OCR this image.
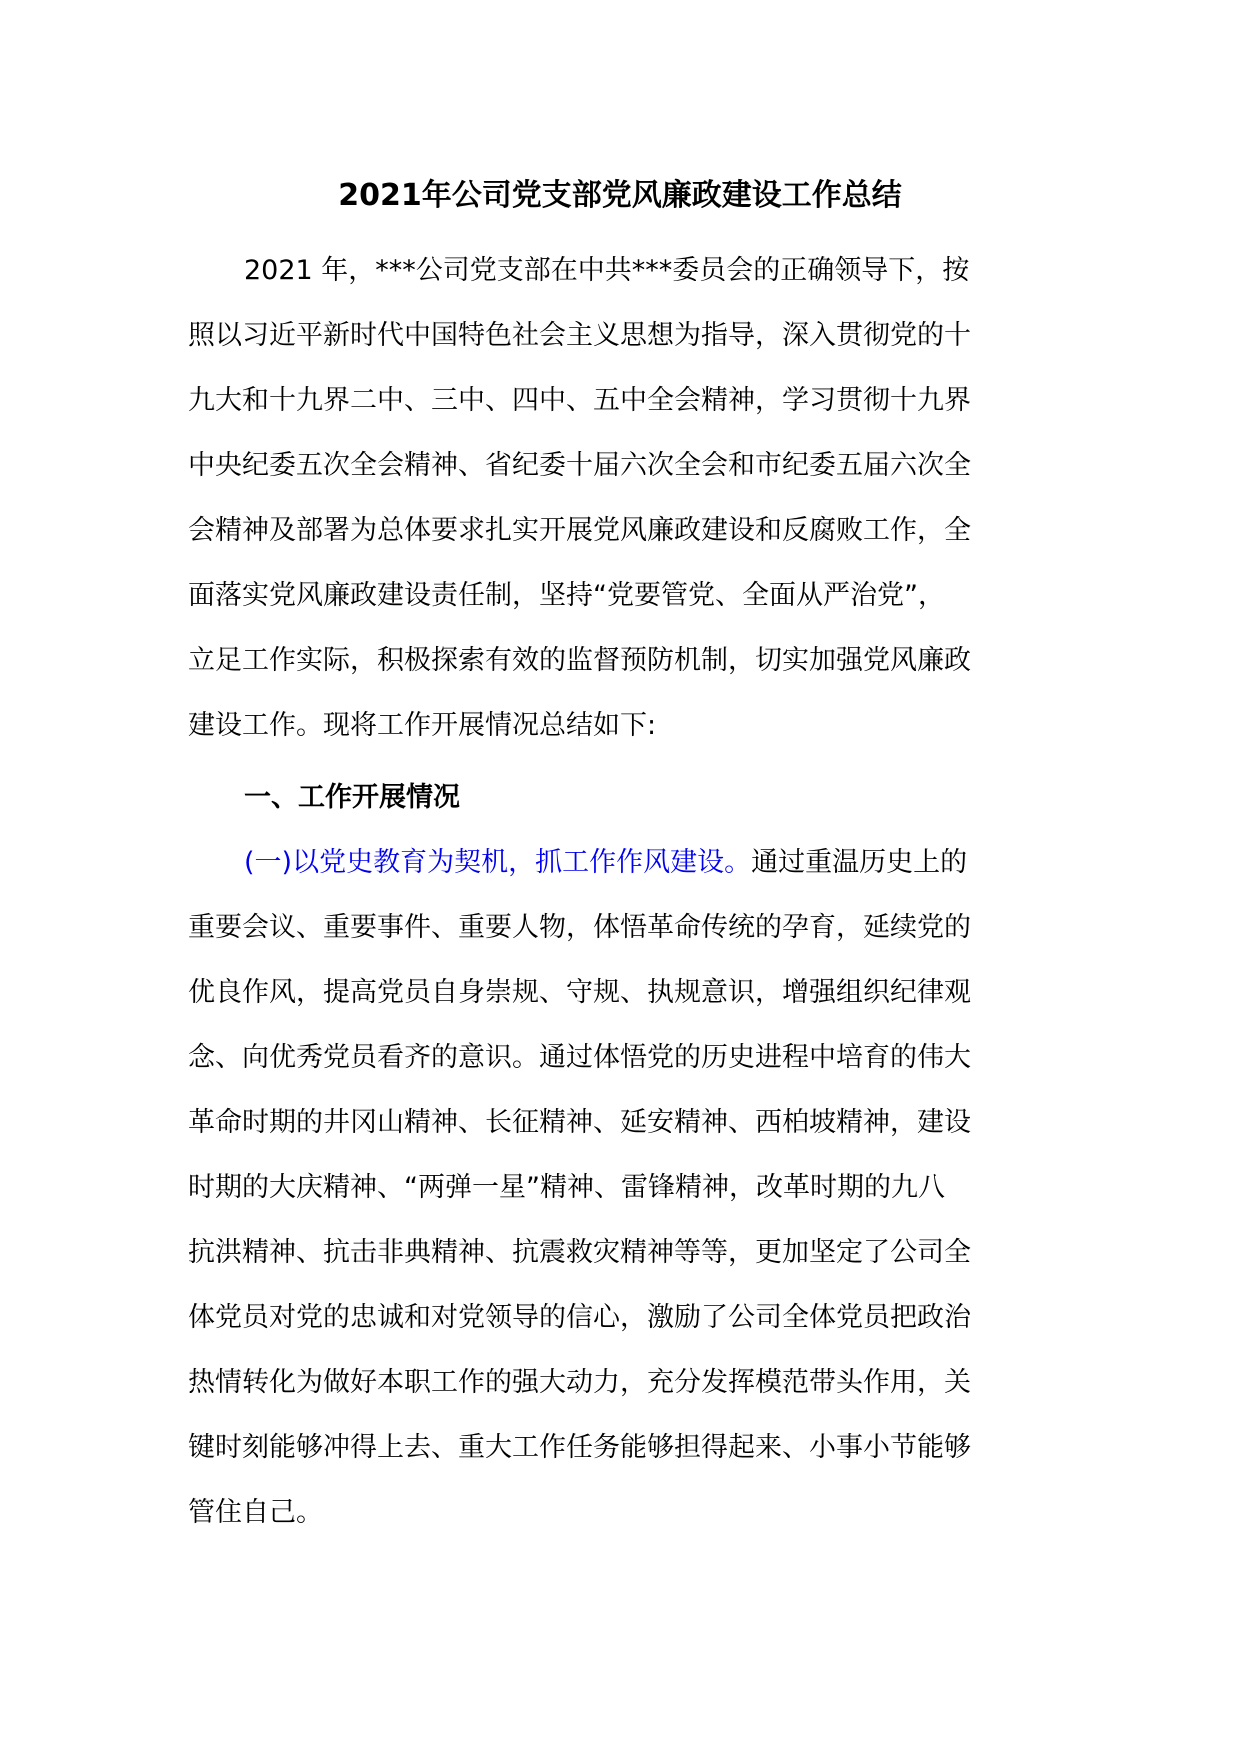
2021年公司党支部党风廉政建设工作总结
2021 年，***公司党支部在中共***委员会的正确领导下，按
照以习近平新时代中国特色社会主义思想为指导，深入贯彻党的十
九大和十九界二中、三中、四中、五中全会精神，学习贯彻十九界
中央纪委五次全会精神、省纪委十届六次全会和市纪委五届六次全
会精神及部署为总体要求扎实开展党风廉政建设和反腐败工作，全
面落实党风廉政建设责任制，坚持“党要管党、全面从严治党”，
立足工作实际，积极探索有效的监督预防机制，切实加强党风廉政
建设工作。现将工作开展情况总结如下:
一、工作开展情况
(一)以党史教育为契机，抓工作作风建设。通过重温历史上的
重要会议、重要事件、重要人物，体悟革命传统的孕育，延续党的
优良作风，提高党员自身崇规、守规、执规意识，增强组织纪律观
念、向优秀党员看齐的意识。通过体悟党的历史进程中培育的伟大
革命时期的井冈山精神、长征精神、延安精神、西柏坡精神，建设
时期的大庆精神、“两弹一星”精神、雷锋精神，改革时期的九八
抗洪精神、抗击非典精神、抗震救灾精神等等，更加坚定了公司全
体党员对党的忠诚和对党领导的信心，激励了公司全体党员把政治
热情转化为做好本职工作的强大动力，充分发挥模范带头作用，关
键时刻能够冲得上去、重大工作任务能够担得起来、小事小节能够
管住自己。
